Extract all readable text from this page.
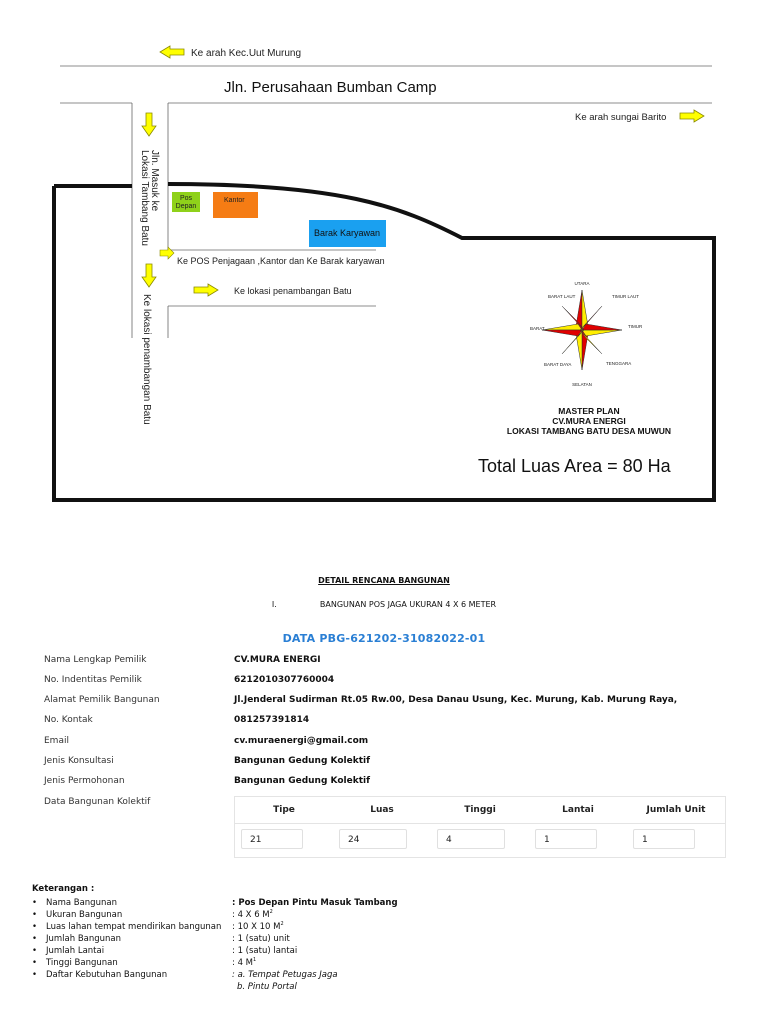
Ke arah Kec.Uut Murung
Jln. Perusahaan Bumban Camp
Ke arah sungai Barito
Jln. Masuk ke
Lokasi Tambang Batu
Ke lokasi penambangan Batu
Pos
Depan
Kantor
Barak Karyawan
Ke POS Penjagaan ,Kantor dan Ke Barak karyawan
Ke lokasi penambangan Batu
UTARA
TIMUR LAUT
BARAT LAUT
TIMUR
BARAT
TENGGARA
BARAT DAYA
SELATAN
MASTER PLAN
CV.MURA ENERGI
LOKASI TAMBANG BATU DESA MUWUN
Total Luas Area = 80 Ha
DETAIL RENCANA BANGUNAN
I.	BANGUNAN POS JAGA UKURAN 4 X 6 METER
DATA PBG-621202-31082022-01
Nama Lengkap Pemilik	CV.MURA ENERGI
No. Indentitas Pemilik	6212010307760004
Alamat Pemilik Bangunan	Jl.Jenderal Sudirman Rt.05 Rw.00, Desa Danau Usung, Kec. Murung, Kab. Murung Raya,
No. Kontak	081257391814
Email	cv.muraenergi@gmail.com
Jenis Konsultasi	Bangunan Gedung Kolektif
Jenis Permohonan	Bangunan Gedung Kolektif
Data Bangunan Kolektif
Tipe	Luas	Tinggi	Lantai	Jumlah Unit
21	24	4	1	1
Keterangan :
• Nama Bangunan	: Pos Depan Pintu Masuk Tambang
• Ukuran Bangunan	: 4 X 6 $M^2$
• Luas lahan tempat mendirikan bangunan : 10 X 10 $M^2$
• Jumlah Bangunan	: 1 (satu) unit
• Jumlah Lantai	: 1 (satu) lantai
• Tinggi Bangunan	: 4 $M^1$
• Daftar Kebutuhan Bangunan	: a. Tempat Petugas Jaga
b. Pintu Portal
